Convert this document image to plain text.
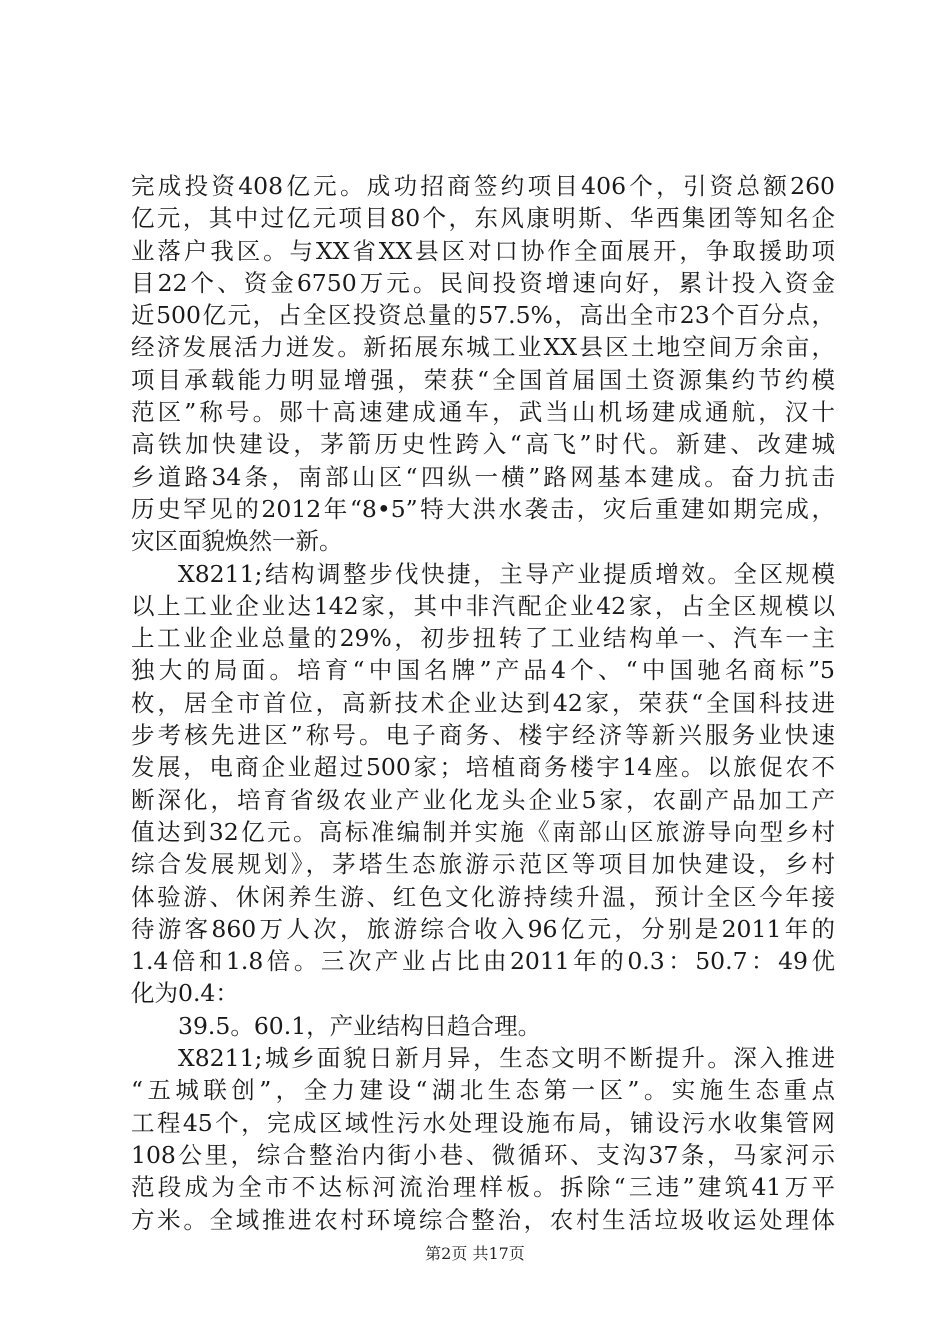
完成投资408亿元。成功招商签约项目406个，引资总额260
亿元，其中过亿元项目80个，东风康明斯、华西集团等知名企
业落户我区。与XX省XX县区对口协作全面展开，争取援助项
目22个、资金6750万元。民间投资增速向好，累计投入资金
近500亿元，占全区投资总量的57.5%，高出全市23个百分点，
经济发展活力迸发。新拓展东城工业XX县区土地空间万余亩，
项目承载能力明显增强，荣获“全国首届国土资源集约节约模
范区”称号。郧十高速建成通车，武当山机场建成通航，汉十
高铁加快建设，茅箭历史性跨入“高飞”时代。新建、改建城
乡道路34条，南部山区“四纵一横”路网基本建成。奋力抗击
历史罕见的2012年“8•5”特大洪水袭击，灾后重建如期完成，
灾区面貌焕然一新。
X8211;结构调整步伐快捷，主导产业提质增效。全区规模
以上工业企业达142家，其中非汽配企业42家，占全区规模以
上工业企业总量的29%，初步扭转了工业结构单一、汽车一主
独大的局面。培育“中国名牌”产品4个、“中国驰名商标”5
枚，居全市首位，高新技术企业达到42家，荣获“全国科技进
步考核先进区”称号。电子商务、楼宇经济等新兴服务业快速
发展，电商企业超过500家；培植商务楼宇14座。以旅促农不
断深化，培育省级农业产业化龙头企业5家，农副产品加工产
值达到32亿元。高标准编制并实施《南部山区旅游导向型乡村
综合发展规划》，茅塔生态旅游示范区等项目加快建设，乡村
体验游、休闲养生游、红色文化游持续升温，预计全区今年接
待游客860万人次，旅游综合收入96亿元，分别是2011年的
1.4倍和1.8倍。三次产业占比由2011年的0.3：50.7：49优
化为0.4：
39.5。60.1，产业结构日趋合理。
X8211;城乡面貌日新月异，生态文明不断提升。深入推进
“五城联创”，全力建设“湖北生态第一区”。实施生态重点
工程45个，完成区域性污水处理设施布局，铺设污水收集管网
108公里，综合整治内街小巷、微循环、支沟37条，马家河示
范段成为全市不达标河流治理样板。拆除“三违”建筑41万平
方米。全域推进农村环境综合整治，农村生活垃圾收运处理体
第2页 共17页
